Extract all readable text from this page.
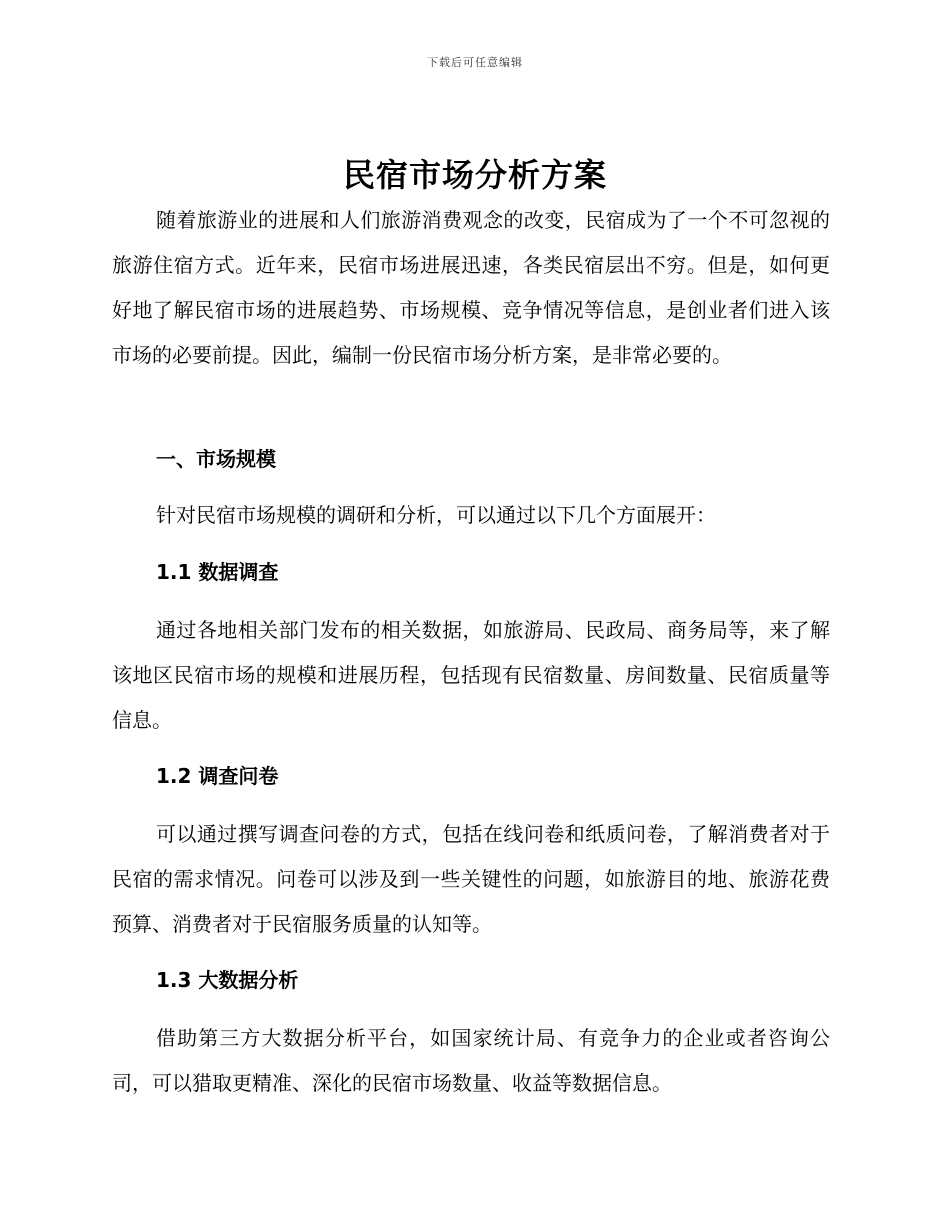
下载后可任意编辑
民宿市场分析方案

随着旅游业的进展和人们旅游消费观念的改变，民宿成为了一个不可忽视的旅游住宿方式。近年来，民宿市场进展迅速，各类民宿层出不穷。但是，如何更好地了解民宿市场的进展趋势、市场规模、竞争情况等信息，是创业者们进入该市场的必要前提。因此，编制一份民宿市场分析方案，是非常必要的。

一、市场规模

针对民宿市场规模的调研和分析，可以通过以下几个方面展开：

1.1 数据调查

通过各地相关部门发布的相关数据，如旅游局、民政局、商务局等，来了解该地区民宿市场的规模和进展历程，包括现有民宿数量、房间数量、民宿质量等信息。

1.2 调查问卷

可以通过撰写调查问卷的方式，包括在线问卷和纸质问卷，了解消费者对于民宿的需求情况。问卷可以涉及到一些关键性的问题，如旅游目的地、旅游花费预算、消费者对于民宿服务质量的认知等。

1.3 大数据分析

借助第三方大数据分析平台，如国家统计局、有竞争力的企业或者咨询公司，可以猎取更精准、深化的民宿市场数量、收益等数据信息。
